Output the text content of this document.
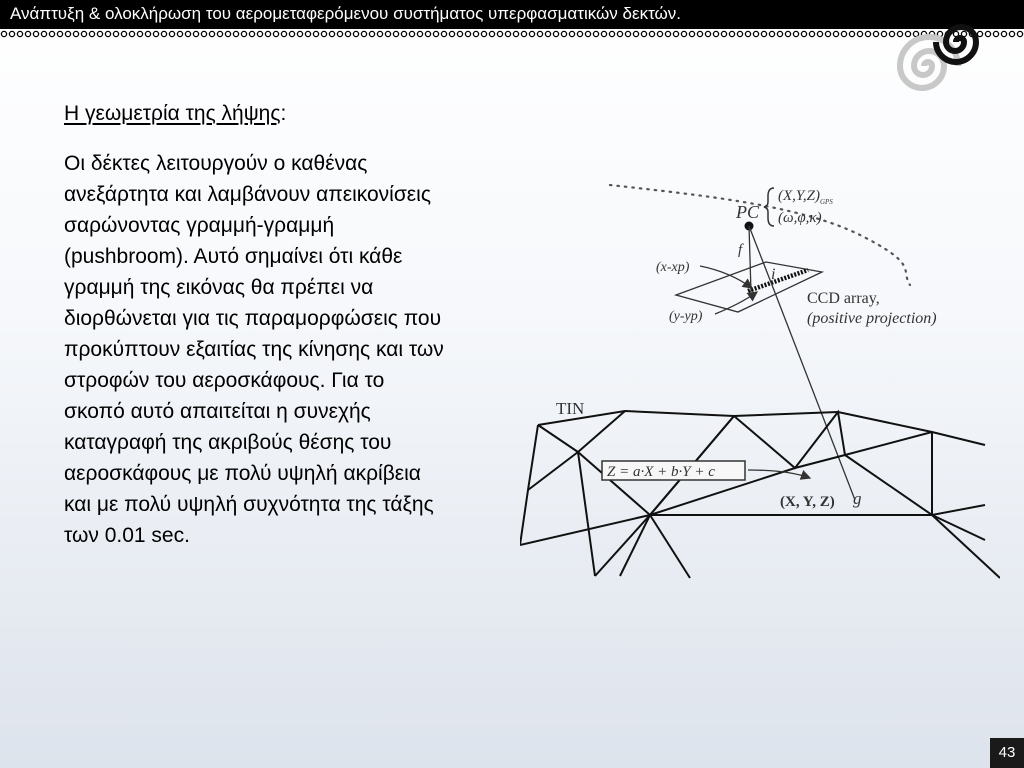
Ανάπτυξη & ολοκλήρωση του αερομεταφερόμενου συστήματος υπερφασματικών δεκτών.
Η γεωμετρία της λήψης:
Οι δέκτες λειτουργούν ο καθένας ανεξάρτητα και λαμβάνουν απεικονίσεις σαρώνοντας γραμμή-γραμμή (pushbroom). Αυτό σημαίνει ότι κάθε γραμμή της εικόνας θα πρέπει να διορθώνεται για τις παραμορφώσεις που προκύπτουν εξαιτίας της κίνησης και των στροφών του αεροσκάφους. Για το σκοπό αυτό απαιτείται η συνεχής καταγραφή της ακριβούς θέσης του αεροσκάφους με πολύ υψηλή ακρίβεια και με πολύ υψηλή συχνότητα της τάξης των 0.01 sec.
PC
$(X,Y,Z)_{GPS}$
(ω,φ,κ)
f
i
(x-xp)
(y-yp)
CCD array,
(positive projection)
TIN
Z = a·X + b·Y + c
(X, Y, Z) g
43
